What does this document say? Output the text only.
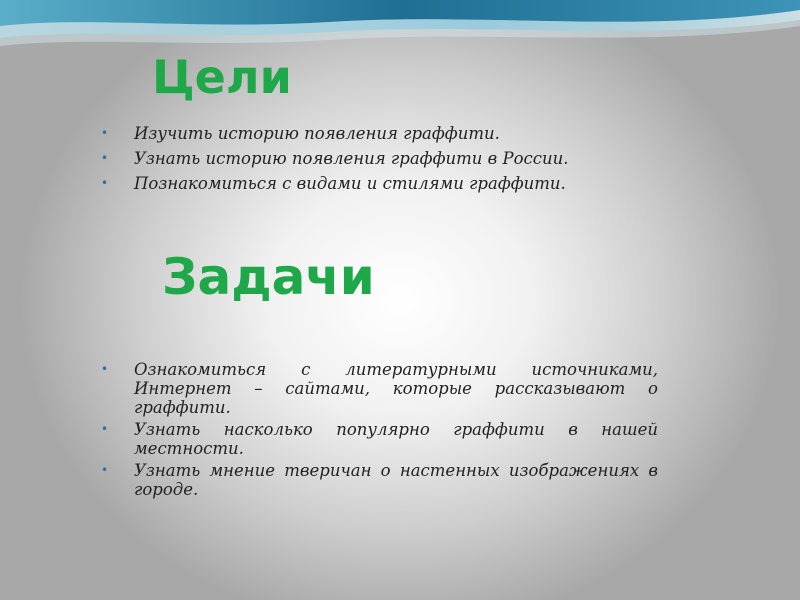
Цели
• Изучить историю появления граффити.
• Узнать историю появления граффити в России.
• Познакомиться с видами и стилями граффити.
Задачи
• Ознакомиться с литературными источниками, Интернет – сайтами, которые рассказывают о граффити.
• Узнать насколько популярно граффити в нашей местности.
• Узнать мнение тверичан о настенных изображениях в городе.
